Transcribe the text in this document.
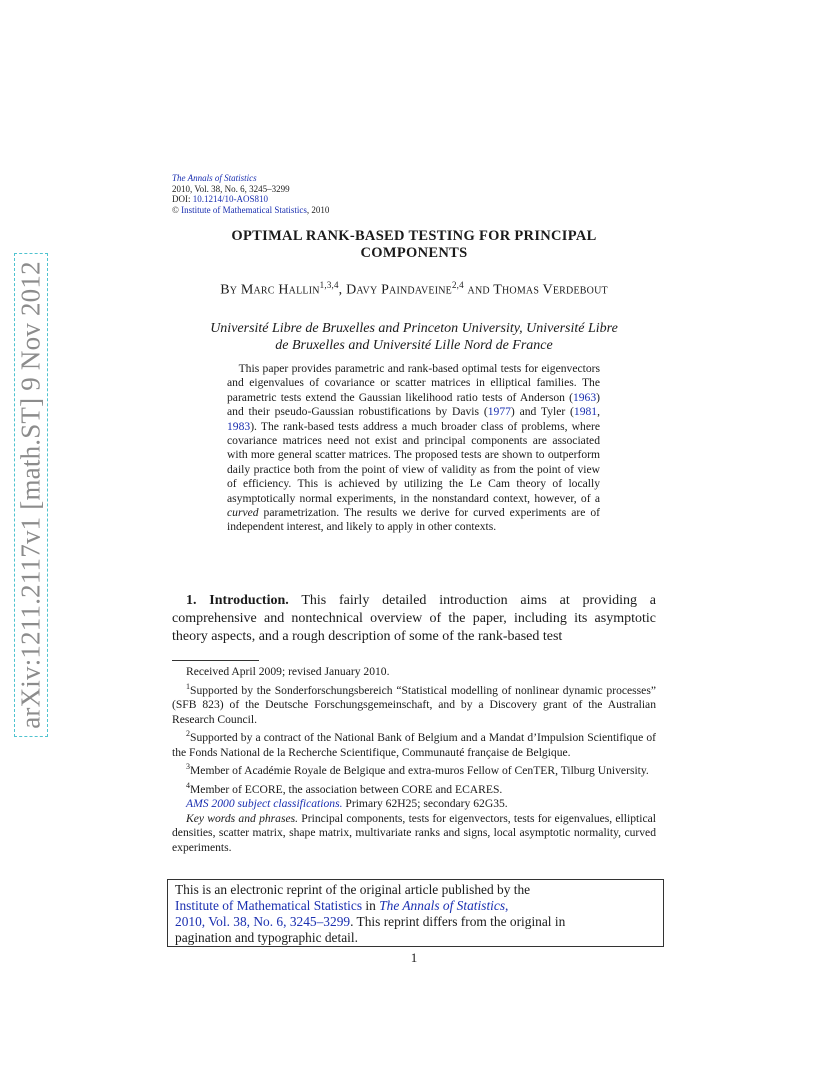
arXiv:1211.2117v1 [math.ST] 9 Nov 2012
The Annals of Statistics
2010, Vol. 38, No. 6, 3245–3299
DOI: 10.1214/10-AOS810
© Institute of Mathematical Statistics, 2010
OPTIMAL RANK-BASED TESTING FOR PRINCIPAL
COMPONENTS
By Marc Hallin$^{1,3,4}$, Davy Paindaveine$^{2,4}$ and Thomas Verdebout
Université Libre de Bruxelles and Princeton University, Université Libre
de Bruxelles and Université Lille Nord de France
 This paper provides parametric and rank-based optimal tests for eigenvectors and eigenvalues of covariance or scatter matrices in elliptical families. The parametric tests extend the Gaussian likelihood ratio tests of Anderson (1963) and their pseudo-Gaussian robustifications by Davis (1977) and Tyler (1981, 1983). The rank-based tests address a much broader class of problems, where covariance matrices need not exist and principal components are associated with more general scatter matrices. The proposed tests are shown to outperform daily practice both from the point of view of validity as from the point of view of efficiency. This is achieved by utilizing the Le Cam theory of locally asymptotically normal experiments, in the nonstandard context, however, of a curved parametrization. The results we derive for curved experiments are of independent interest, and likely to apply in other contexts.
1. Introduction. This fairly detailed introduction aims at providing a comprehensive and nontechnical overview of the paper, including its asymptotic theory aspects, and a rough description of some of the rank-based test

Received April 2009; revised January 2010.

$^1$Supported by the Sonderforschungsbereich “Statistical modelling of nonlinear dynamic processes” (SFB 823) of the Deutsche Forschungsgemeinschaft, and by a Discovery grant of the Australian Research Council.

$^2$Supported by a contract of the National Bank of Belgium and a Mandat d’Impulsion Scientifique of the Fonds National de la Recherche Scientifique, Communauté française de Belgique.

$^3$Member of Académie Royale de Belgique and extra-muros Fellow of CenTER, Tilburg University.

$^4$Member of ECORE, the association between CORE and ECARES.

AMS 2000 subject classifications. Primary 62H25; secondary 62G35.

Key words and phrases. Principal components, tests for eigenvectors, tests for eigenvalues, elliptical densities, scatter matrix, shape matrix, multivariate ranks and signs, local asymptotic normality, curved experiments.

This is an electronic reprint of the original article published by the
Institute of Mathematical Statistics in The Annals of Statistics,
2010, Vol. 38, No. 6, 3245–3299. This reprint differs from the original in
pagination and typographic detail.
1
